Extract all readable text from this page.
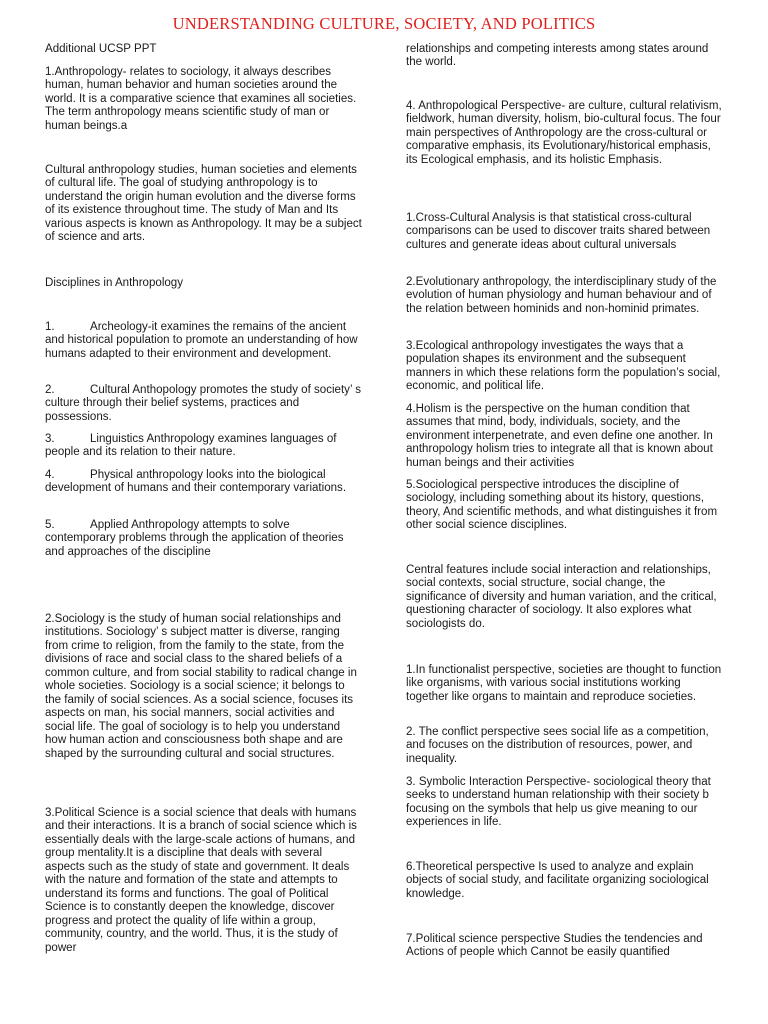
UNDERSTANDING CULTURE, SOCIETY, AND POLITICS

Additional UCSP PPT

1.Anthropology- relates to sociology, it always describes human, human behavior and human societies around the world. It is a comparative science that examines all societies. The term anthropology means scientific study of man or human beings.a

Cultural anthropology studies, human societies and elements of cultural life. The goal of studying anthropology is to understand the origin human evolution and the diverse forms of its existence throughout time. The study of Man and Its various aspects is known as Anthropology. It may be a subject of science and arts.

Disciplines in Anthropology

1.	Archeology-it examines the remains of the ancient and historical population to promote an understanding of how humans adapted to their environment and development.

2.	Cultural Anthopology promotes the study of society’ s culture through their belief systems, practices and possessions.

3.	Linguistics Anthropology examines languages of people and its relation to their nature.

4.	Physical anthropology looks into the biological development of humans and their contemporary variations.

5.	Applied Anthropology attempts to solve contemporary problems through the application of theories and approaches of the discipline

2.Sociology is the study of human social relationships and institutions. Sociology’ s subject matter is diverse, ranging from crime to religion, from the family to the state, from the divisions of race and social class to the shared beliefs of a common culture, and from social stability to radical change in whole societies. Sociology is a social science; it belongs to the family of social sciences. As a social science, focuses its aspects on man, his social manners, social activities and social life. The goal of sociology is to help you understand how human action and consciousness both shape and are shaped by the surrounding cultural and social structures.

3.Political Science is a social science that deals with humans and their interactions. It is a branch of social science which is essentially deals with the large-scale actions of humans, and group mentality.It is a discipline that deals with several aspects such as the study of state and government. It deals with the nature and formation of the state and attempts to understand its forms and functions. The goal of Political Science is to constantly deepen the knowledge, discover progress and protect the quality of life within a group, community, country, and the world. Thus, it is the study of power

relationships and competing interests among states around the world.

4. Anthropological Perspective- are culture, cultural relativism, fieldwork, human diversity, holism, bio-cultural focus. The four main perspectives of Anthropology are the cross-cultural or comparative emphasis, its Evolutionary/historical emphasis, its Ecological emphasis, and its holistic Emphasis.

1.Cross-Cultural Analysis is that statistical cross-cultural comparisons can be used to discover traits shared between cultures and generate ideas about cultural universals

2.Evolutionary anthropology, the interdisciplinary study of the evolution of human physiology and human behaviour and of the relation between hominids and non-hominid primates.

3.Ecological anthropology investigates the ways that a population shapes its environment and the subsequent manners in which these relations form the population’s social, economic, and political life.

4.Holism is the perspective on the human condition that assumes that mind, body, individuals, society, and the environment interpenetrate, and even define one another. In anthropology holism tries to integrate all that is known about human beings and their activities

5.Sociological perspective introduces the discipline of sociology, including something about its history, questions, theory, And scientific methods, and what distinguishes it from other social science disciplines.

Central features include social interaction and relationships, social contexts, social structure, social change, the significance of diversity and human variation, and the critical, questioning character of sociology. It also explores what sociologists do.

1.In functionalist perspective, societies are thought to function like organisms, with various social institutions working together like organs to maintain and reproduce societies.

2. The conflict perspective sees social life as a competition, and focuses on the distribution of resources, power, and inequality.

3. Symbolic Interaction Perspective- sociological theory that seeks to understand human relationship with their society b focusing on the symbols that help us give meaning to our experiences in life.

6.Theoretical perspective Is used to analyze and explain objects of social study, and facilitate organizing sociological knowledge.

7.Political science perspective Studies the tendencies and Actions of people which Cannot be easily quantified
